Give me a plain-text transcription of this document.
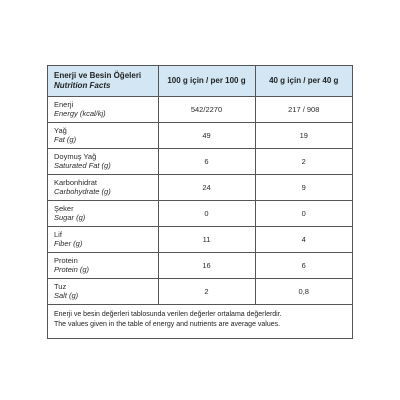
Enerji ve Besin Öğeleri
Nutrition Facts	100 g için / per 100 g	40 g için / per 40 g

Enerji
Energy (kcal/kj)	542/2270	217 / 908

Yağ
Fat (g)	49	19

Doymuş Yağ
Saturated Fat (g)	6	2

Karbonhidrat
Carbohydrate (g)	24	9

Şeker
Sugar (g)	0	0

Lif
Fiber (g)	11	4

Protein
Protein (g)	16	6

Tuz
Salt (g)	2	0,8
Enerji ve besin değerleri tablosunda verilen değerler ortalama değerlerdir.
The values given in the table of energy and nutrients are average values.
